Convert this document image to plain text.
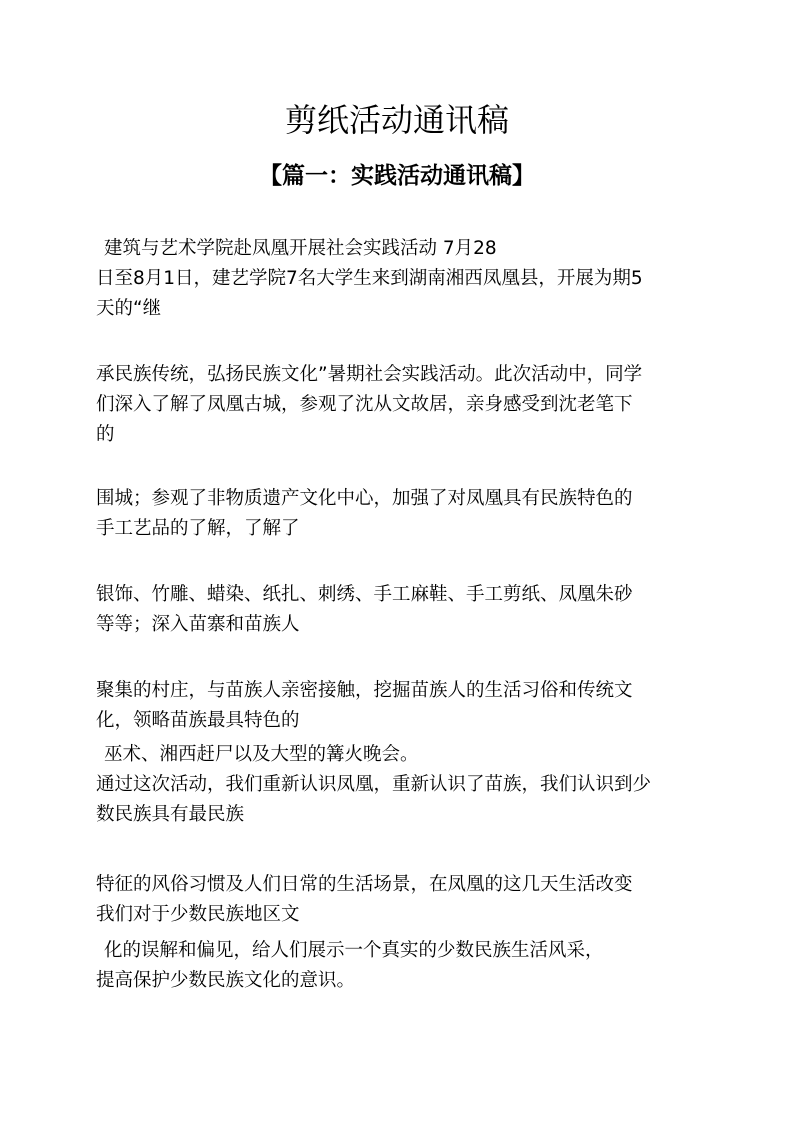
剪纸活动通讯稿
【篇一：实践活动通讯稿】
建筑与艺术学院赴凤凰开展社会实践活动 7月28
日至8月1日，建艺学院7名大学生来到湖南湘西凤凰县，开展为期5
天的“继
承民族传统，弘扬民族文化”暑期社会实践活动。此次活动中，同学
们深入了解了凤凰古城，参观了沈从文故居，亲身感受到沈老笔下
的
围城；参观了非物质遗产文化中心，加强了对凤凰具有民族特色的
手工艺品的了解，了解了
银饰、竹雕、蜡染、纸扎、刺绣、手工麻鞋、手工剪纸、凤凰朱砂
等等；深入苗寨和苗族人
聚集的村庄，与苗族人亲密接触，挖掘苗族人的生活习俗和传统文
化，领略苗族最具特色的
巫术、湘西赶尸以及大型的篝火晚会。
通过这次活动，我们重新认识凤凰，重新认识了苗族，我们认识到少
数民族具有最民族
特征的风俗习惯及人们日常的生活场景，在凤凰的这几天生活改变
我们对于少数民族地区文
化的误解和偏见，给人们展示一个真实的少数民族生活风采，
提高保护少数民族文化的意识。
